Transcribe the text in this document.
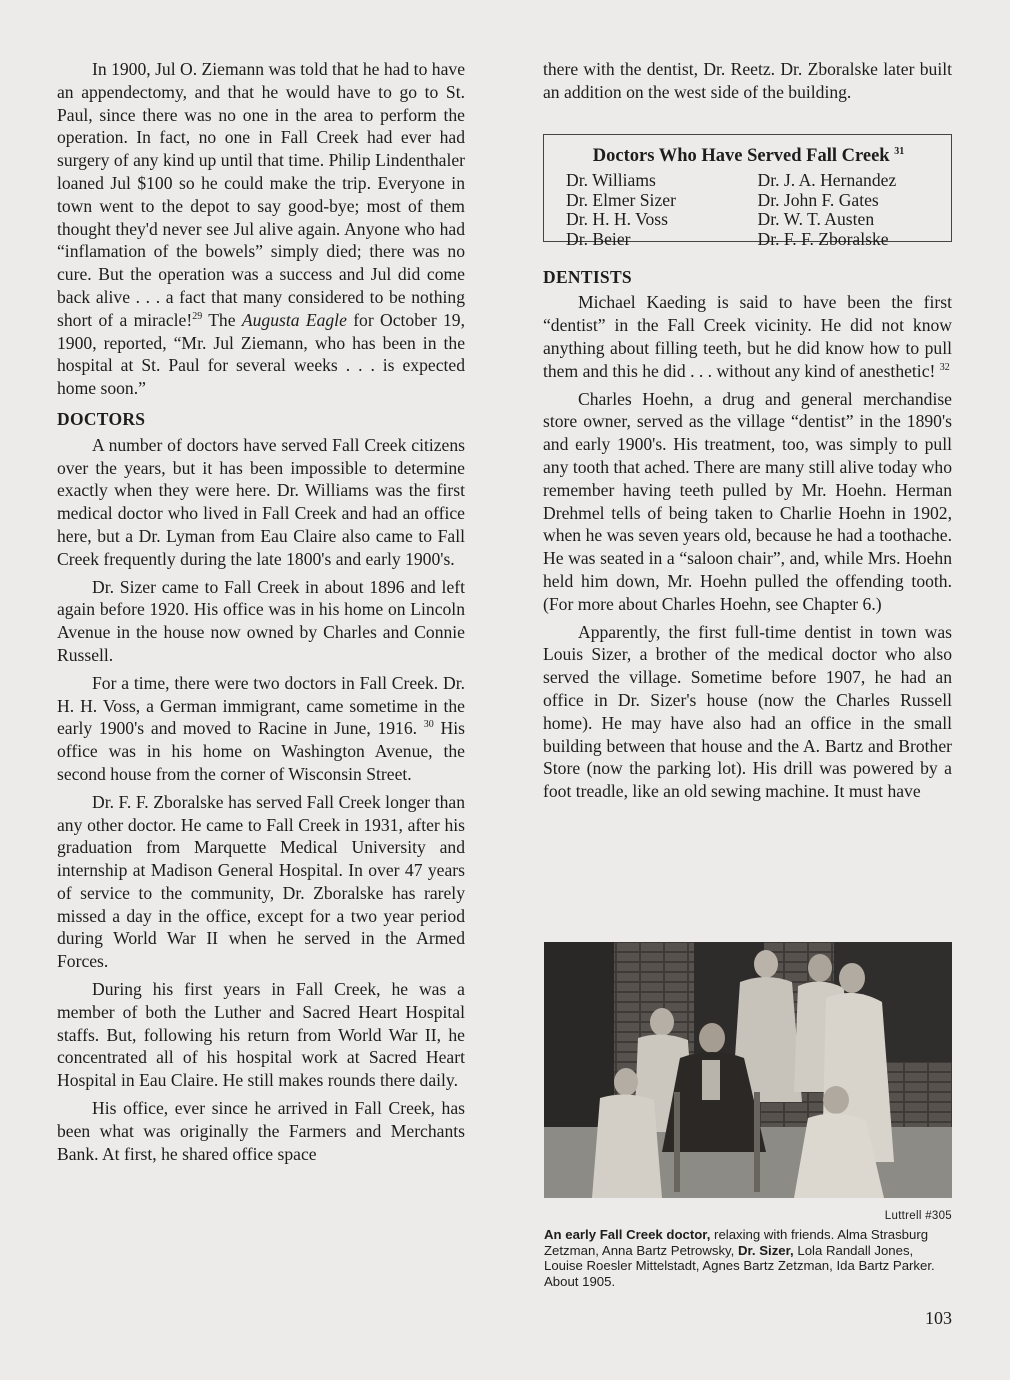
In 1900, Jul O. Ziemann was told that he had to have an appendectomy, and that he would have to go to St. Paul, since there was no one in the area to perform the operation. In fact, no one in Fall Creek had ever had surgery of any kind up until that time. Philip Lindenthaler loaned Jul $100 so he could make the trip. Everyone in town went to the depot to say good-bye; most of them thought they'd never see Jul alive again. Anyone who had “inflamation of the bowels” simply died; there was no cure. But the operation was a success and Jul did come back alive . . . a fact that many considered to be nothing short of a miracle!$^{29}$ The Augusta Eagle for October 19, 1900, reported, “Mr. Jul Ziemann, who has been in the hospital at St. Paul for several weeks . . . is expected home soon.”

DOCTORS

A number of doctors have served Fall Creek citizens over the years, but it has been impossible to determine exactly when they were here. Dr. Williams was the first medical doctor who lived in Fall Creek and had an office here, but a Dr. Lyman from Eau Claire also came to Fall Creek frequently during the late 1800's and early 1900's.

Dr. Sizer came to Fall Creek in about 1896 and left again before 1920. His office was in his home on Lincoln Avenue in the house now owned by Charles and Connie Russell.

For a time, there were two doctors in Fall Creek. Dr. H. H. Voss, a German immigrant, came sometime in the early 1900's and moved to Racine in June, 1916. $^{30}$ His office was in his home on Washington Avenue, the second house from the corner of Wisconsin Street.

Dr. F. F. Zboralske has served Fall Creek longer than any other doctor. He came to Fall Creek in 1931, after his graduation from Marquette Medical University and internship at Madison General Hospital. In over 47 years of service to the community, Dr. Zboralske has rarely missed a day in the office, except for a two year period during World War II when he served in the Armed Forces.

During his first years in Fall Creek, he was a member of both the Luther and Sacred Heart Hospital staffs. But, following his return from World War II, he concentrated all of his hospital work at Sacred Heart Hospital in Eau Claire. He still makes rounds there daily.

His office, ever since he arrived in Fall Creek, has been what was originally the Farmers and Merchants Bank. At first, he shared office space

there with the dentist, Dr. Reetz. Dr. Zboralske later built an addition on the west side of the building.

Doctors Who Have Served Fall Creek $^{31}$
Dr. Williams
Dr. Elmer Sizer
Dr. H. H. Voss
Dr. Beier
Dr. J. A. Hernandez
Dr. John F. Gates
Dr. W. T. Austen
Dr. F. F. Zboralske
DENTISTS

Michael Kaeding is said to have been the first “dentist” in the Fall Creek vicinity. He did not know anything about filling teeth, but he did know how to pull them and this he did . . . without any kind of anesthetic! $^{32}$

Charles Hoehn, a drug and general merchandise store owner, served as the village “dentist” in the 1890's and early 1900's. His treatment, too, was simply to pull any tooth that ached. There are many still alive today who remember having teeth pulled by Mr. Hoehn. Herman Drehmel tells of being taken to Charlie Hoehn in 1902, when he was seven years old, because he had a toothache. He was seated in a “saloon chair”, and, while Mrs. Hoehn held him down, Mr. Hoehn pulled the offending tooth. (For more about Charles Hoehn, see Chapter 6.)

Apparently, the first full-time dentist in town was Louis Sizer, a brother of the medical doctor who also served the village. Sometime before 1907, he had an office in Dr. Sizer's house (now the Charles Russell home). He may have also had an office in the small building between that house and the A. Bartz and Brother Store (now the parking lot). His drill was powered by a foot treadle, like an old sewing machine. It must have

Luttrell #305
An early Fall Creek doctor, relaxing with friends. Alma Strasburg Zetzman, Anna Bartz Petrowsky, Dr. Sizer, Lola Randall Jones, Louise Roesler Mittelstadt, Agnes Bartz Zetzman, Ida Bartz Parker. About 1905.
103
